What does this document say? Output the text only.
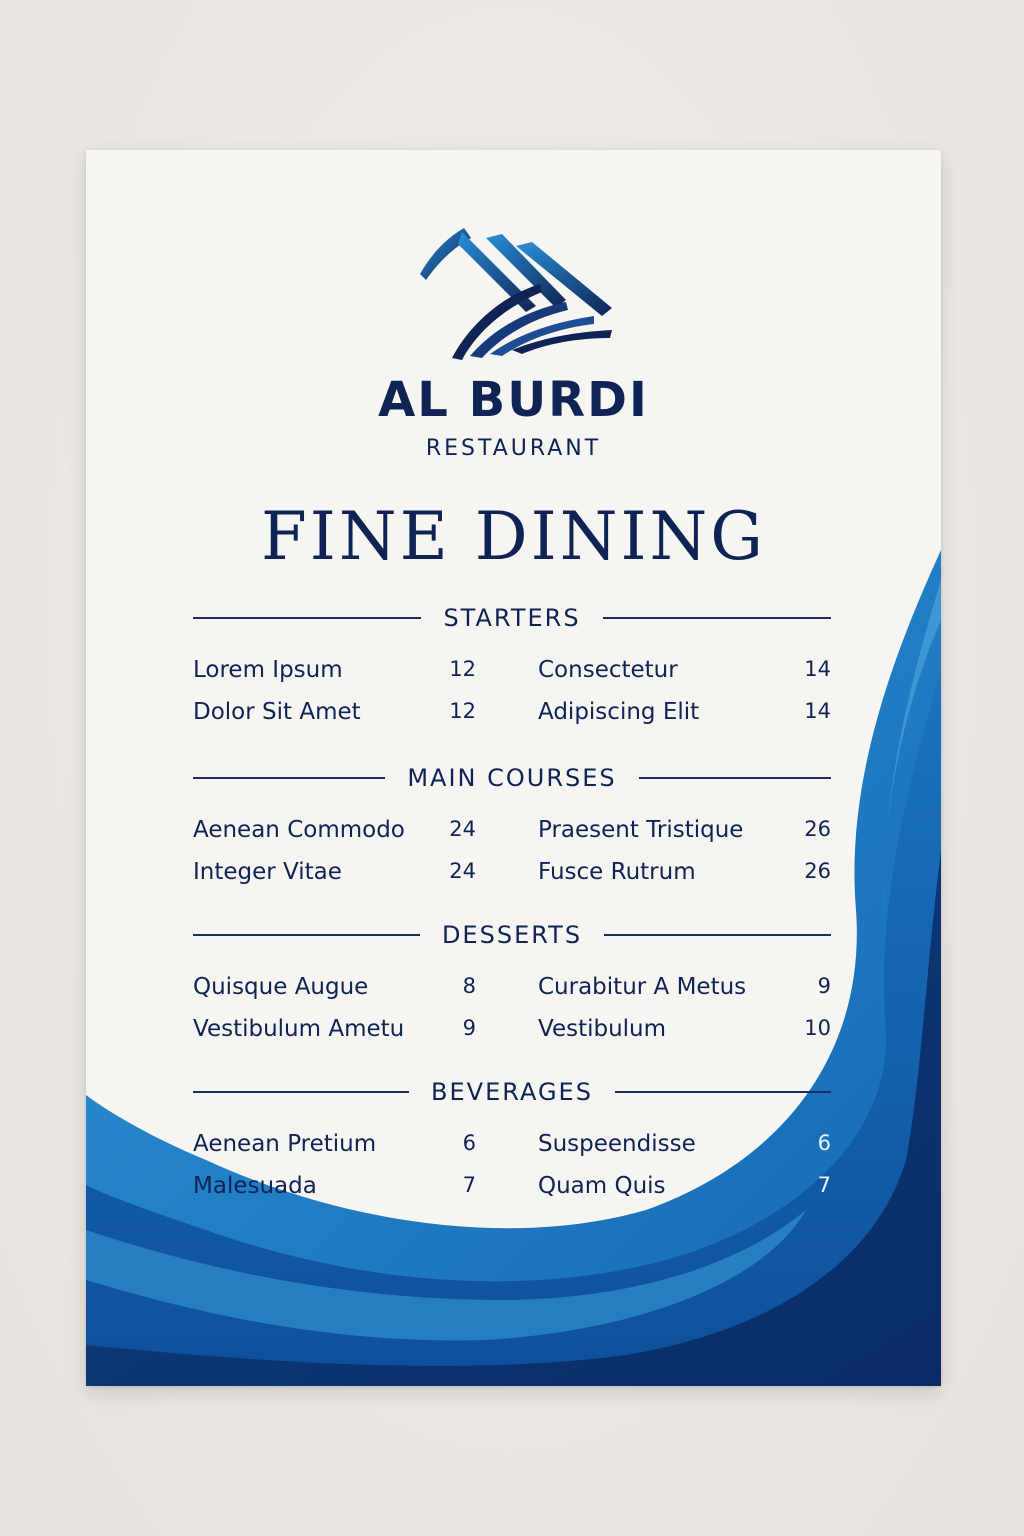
AL BURDI
RESTAURANT
FINE DINING
STARTERS
Lorem Ipsum	12	Consectetur	14
Dolor Sit Amet	12	Adipiscing Elit	14
MAIN COURSES
Aenean Commodo	24	Praesent Tristique	26
Integer Vitae	24	Fusce Rutrum	26
DESSERTS
Quisque Augue	8	Curabitur A Metus	9
Vestibulum Ametu	9	Vestibulum	10
BEVERAGES
Aenean Pretium	6	Suspeendisse	6
Malesuada	7	Quam Quis	7
